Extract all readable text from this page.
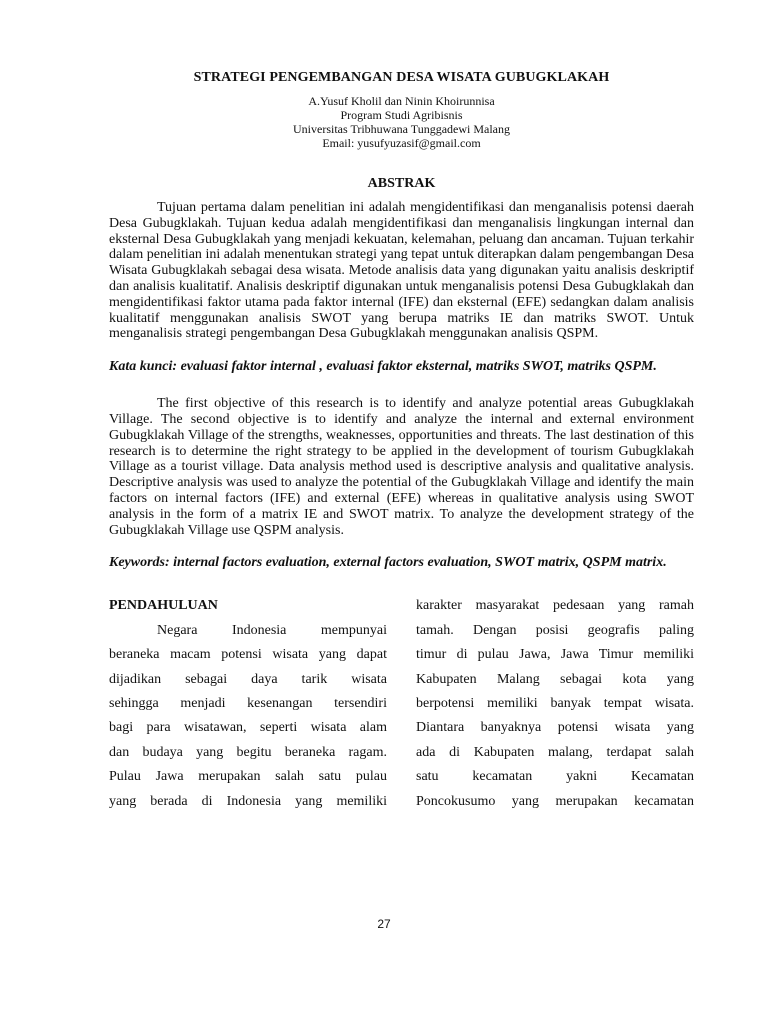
STRATEGI PENGEMBANGAN DESA WISATA GUBUGKLAKAH

A.Yusuf Kholil dan Ninin Khoirunnisa

Program Studi Agribisnis

Universitas Tribhuwana Tunggadewi Malang

Email: yusufyuzasif@gmail.com

ABSTRAK

Tujuan pertama dalam penelitian ini adalah mengidentifikasi dan menganalisis potensi daerah Desa Gubugklakah. Tujuan kedua adalah mengidentifikasi dan menganalisis lingkungan internal dan eksternal Desa Gubugklakah yang menjadi kekuatan, kelemahan, peluang dan ancaman. Tujuan terkahir dalam penelitian ini adalah menentukan strategi yang tepat untuk diterapkan dalam pengembangan Desa Wisata Gubugklakah sebagai desa wisata. Metode analisis data yang digunakan yaitu analisis deskriptif dan analisis kualitatif. Analisis deskriptif digunakan untuk menganalisis potensi Desa Gubugklakah dan mengidentifikasi faktor utama pada faktor internal (IFE) dan eksternal (EFE) sedangkan dalam analisis kualitatif menggunakan analisis SWOT yang berupa matriks IE dan matriks SWOT. Untuk menganalisis strategi pengembangan Desa Gubugklakah menggunakan analisis QSPM.

Kata kunci: evaluasi faktor internal , evaluasi faktor eksternal, matriks SWOT, matriks QSPM.

The first objective of this research is to identify and analyze potential areas Gubugklakah Village. The second objective is to identify and analyze the internal and external environment Gubugklakah Village of the strengths, weaknesses, opportunities and threats. The last destination of this research is to determine the right strategy to be applied in the development of tourism Gubugklakah Village as a tourist village. Data analysis method used is descriptive analysis and qualitative analysis. Descriptive analysis was used to analyze the potential of the Gubugklakah Village and identify the main factors on internal factors (IFE) and external (EFE) whereas in qualitative analysis using SWOT analysis in the form of a matrix IE and SWOT matrix. To analyze the development strategy of the Gubugklakah Village use QSPM analysis.

Keywords: internal factors evaluation, external factors evaluation, SWOT matrix, QSPM matrix.

PENDAHULUAN

Negara Indonesia mempunyai

beraneka macam potensi wisata yang dapat

dijadikan sebagai daya tarik wisata

sehingga menjadi kesenangan tersendiri

bagi para wisatawan, seperti wisata alam

dan budaya yang begitu beraneka ragam.

Pulau Jawa merupakan salah satu pulau

yang berada di Indonesia yang memiliki

karakter masyarakat pedesaan yang ramah

tamah. Dengan posisi geografis paling

timur di pulau Jawa, Jawa Timur memiliki

Kabupaten Malang sebagai kota yang

berpotensi memiliki banyak tempat wisata.

Diantara banyaknya potensi wisata yang

ada di Kabupaten malang, terdapat salah

satu kecamatan yakni Kecamatan

Poncokusumo yang merupakan kecamatan

27
